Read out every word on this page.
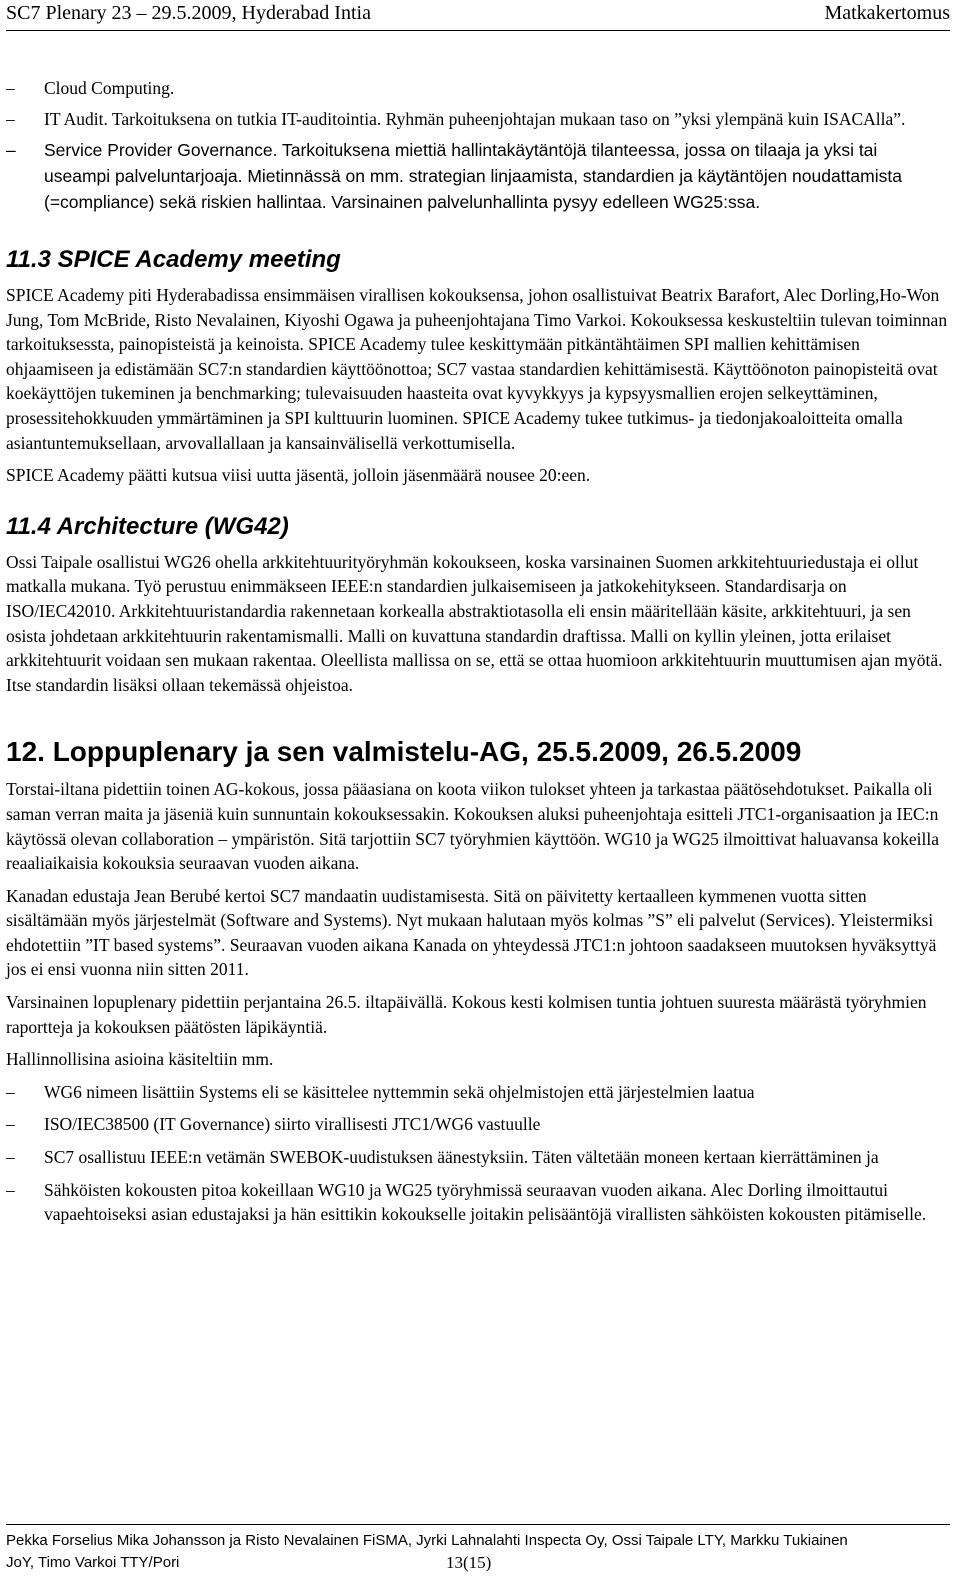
SC7 Plenary 23 – 29.5.2009, Hyderabad Intia	Matkakertomus
– Cloud Computing.
– IT Audit. Tarkoituksena on tutkia IT-auditointia. Ryhmän puheenjohtajan mukaan taso on ”yksi ylempänä kuin ISACAlla”.
– Service Provider Governance. Tarkoituksena miettiä hallintakäytäntöjä tilanteessa, jossa on tilaaja ja yksi tai useampi palveluntarjoaja. Mietinnässä on mm. strategian linjaamista, standardien ja käytäntöjen noudattamista (=compliance) sekä riskien hallintaa. Varsinainen palvelunhallinta pysyy edelleen WG25:ssa.
11.3 SPICE Academy meeting

SPICE Academy piti Hyderabadissa ensimmäisen virallisen kokouksensa, johon osallistuivat Beatrix Barafort, Alec Dorling,Ho-Won Jung, Tom McBride, Risto Nevalainen, Kiyoshi Ogawa ja puheenjohtajana Timo Varkoi. Kokouksessa keskusteltiin tulevan toiminnan tarkoituksessta, painopisteistä ja keinoista. SPICE Academy tulee keskittymään pitkäntähtäimen SPI mallien kehittämisen ohjaamiseen ja edistämään SC7:n standardien käyttöönottoa; SC7 vastaa standardien kehittämisestä. Käyttöönoton painopisteitä ovat koekäyttöjen tukeminen ja benchmarking; tulevaisuuden haasteita ovat kyvykkyys ja kypsyysmallien erojen selkeyttäminen, prosessitehokkuuden ymmärtäminen ja SPI kulttuurin luominen. SPICE Academy tukee tutkimus- ja tiedonjakoaloitteita omalla asiantuntemuksellaan, arvovallallaan ja kansainvälisellä verkottumisella.

SPICE Academy päätti kutsua viisi uutta jäsentä, jolloin jäsenmäärä nousee 20:een.

11.4 Architecture (WG42)

Ossi Taipale osallistui WG26 ohella arkkitehtuurityöryhmän kokoukseen, koska varsinainen Suomen arkkitehtuuriedustaja ei ollut matkalla mukana. Työ perustuu enimmäkseen IEEE:n standardien julkaisemiseen ja jatkokehitykseen. Standardisarja on ISO/IEC42010. Arkkitehtuuristandardia rakennetaan korkealla abstraktiotasolla eli ensin määritellään käsite, arkkitehtuuri, ja sen osista johdetaan arkkitehtuurin rakentamismalli. Malli on kuvattuna standardin draftissa. Malli on kyllin yleinen, jotta erilaiset arkkitehtuurit voidaan sen mukaan rakentaa. Oleellista mallissa on se, että se ottaa huomioon arkkitehtuurin muuttumisen ajan myötä. Itse standardin lisäksi ollaan tekemässä ohjeistoa.

12. Loppuplenary ja sen valmistelu-AG, 25.5.2009, 26.5.2009

Torstai-iltana pidettiin toinen AG-kokous, jossa pääasiana on koota viikon tulokset yhteen ja tarkastaa päätösehdotukset. Paikalla oli saman verran maita ja jäseniä kuin sunnuntain kokouksessakin. Kokouksen aluksi puheenjohtaja esitteli JTC1-organisaation ja IEC:n käytössä olevan collaboration – ympäristön. Sitä tarjottiin SC7 työryhmien käyttöön. WG10 ja WG25 ilmoittivat haluavansa kokeilla reaaliaikaisia kokouksia seuraavan vuoden aikana.

Kanadan edustaja Jean Berubé kertoi SC7 mandaatin uudistamisesta. Sitä on päivitetty kertaalleen kymmenen vuotta sitten sisältämään myös järjestelmät (Software and Systems). Nyt mukaan halutaan myös kolmas ”S” eli palvelut (Services). Yleistermiksi ehdotettiin ”IT based systems”. Seuraavan vuoden aikana Kanada on yhteydessä JTC1:n johtoon saadakseen muutoksen hyväksyttyä jos ei ensi vuonna niin sitten 2011.

Varsinainen lopuplenary pidettiin perjantaina 26.5. iltapäivällä. Kokous kesti kolmisen tuntia johtuen suuresta määrästä työryhmien raportteja ja kokouksen päätösten läpikäyntiä.

Hallinnollisina asioina käsiteltiin mm.

– WG6 nimeen lisättiin Systems eli se käsittelee nyttemmin sekä ohjelmistojen että järjestelmien laatua
– ISO/IEC38500 (IT Governance) siirto virallisesti JTC1/WG6 vastuulle
– SC7 osallistuu IEEE:n vetämän SWEBOK-uudistuksen äänestyksiin. Täten vältetään moneen kertaan kierrättäminen ja
– Sähköisten kokousten pitoa kokeillaan WG10 ja WG25 työryhmissä seuraavan vuoden aikana. Alec Dorling ilmoittautui vapaehtoiseksi asian edustajaksi ja hän esittikin kokoukselle joitakin pelisääntöjä virallisten sähköisten kokousten pitämiselle.
Pekka Forselius Mika Johansson ja Risto Nevalainen FiSMA, Jyrki Lahnalahti Inspecta Oy, Ossi Taipale LTY, Markku Tukiainen
JoY, Timo Varkoi TTY/Pori	13(15)
